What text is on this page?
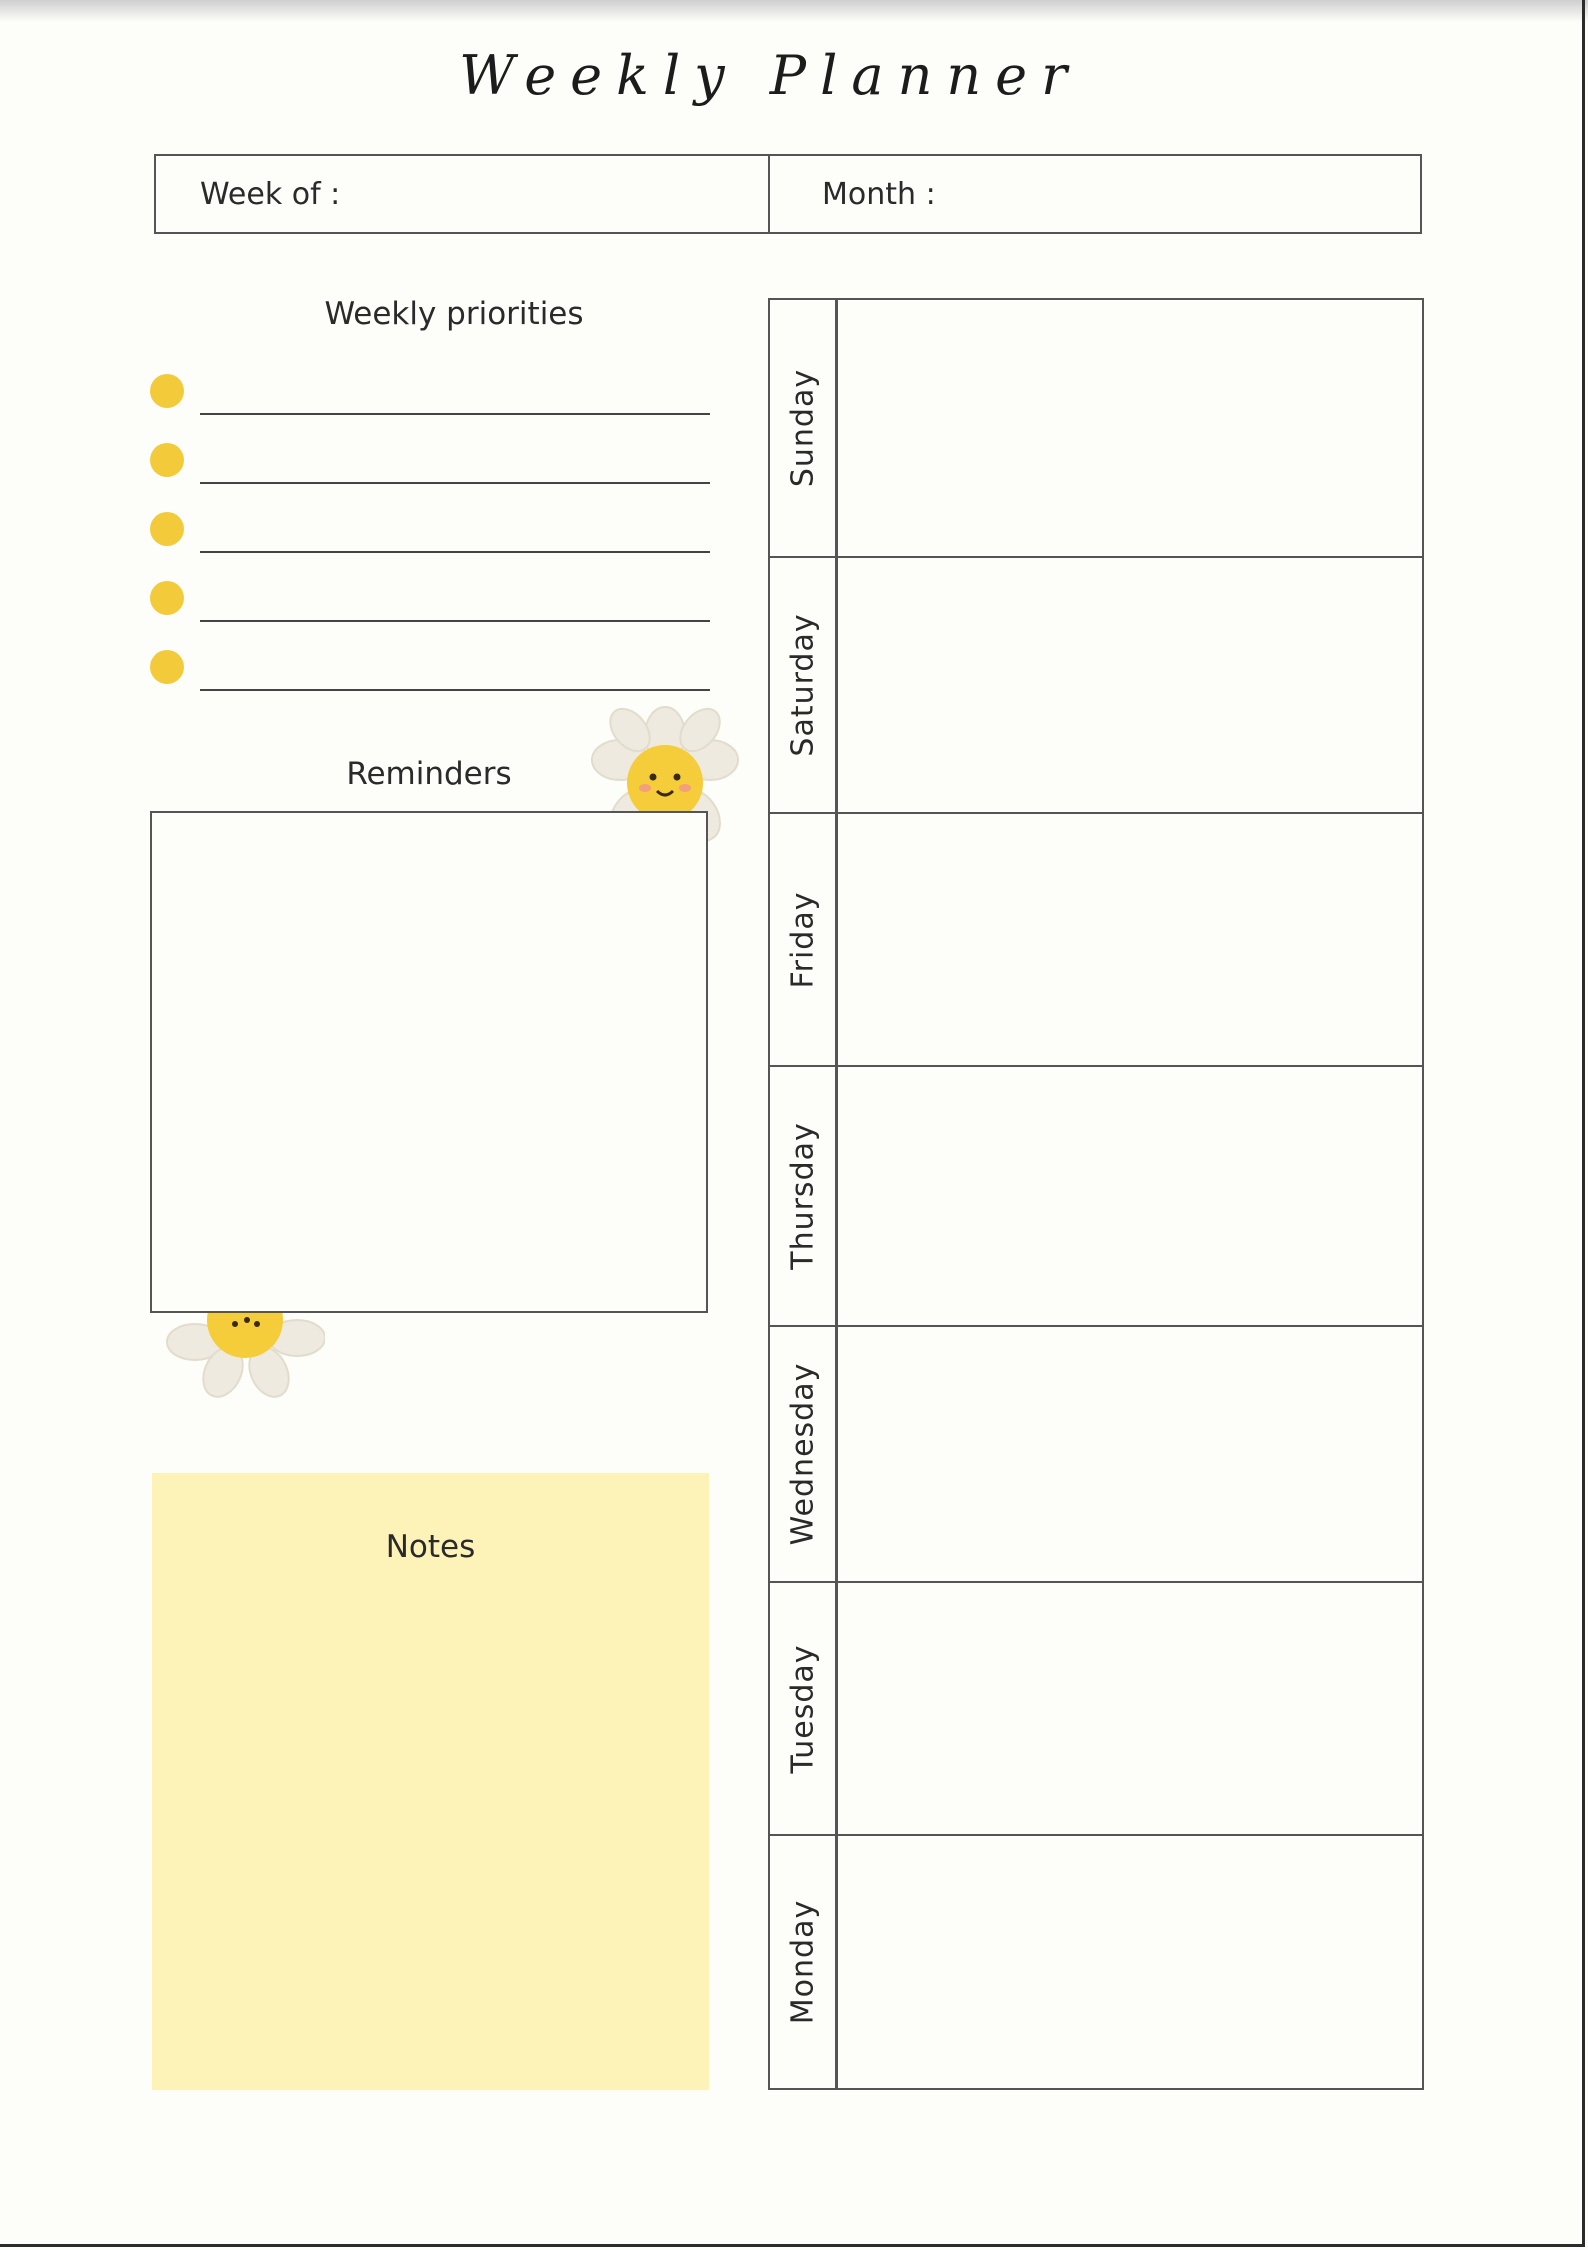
Weekly Planner
Week of :	Month :
Weekly priorities
Reminders
Notes
Sunday
Saturday
Friday
Thursday
Wednesday
Tuesday
Monday
